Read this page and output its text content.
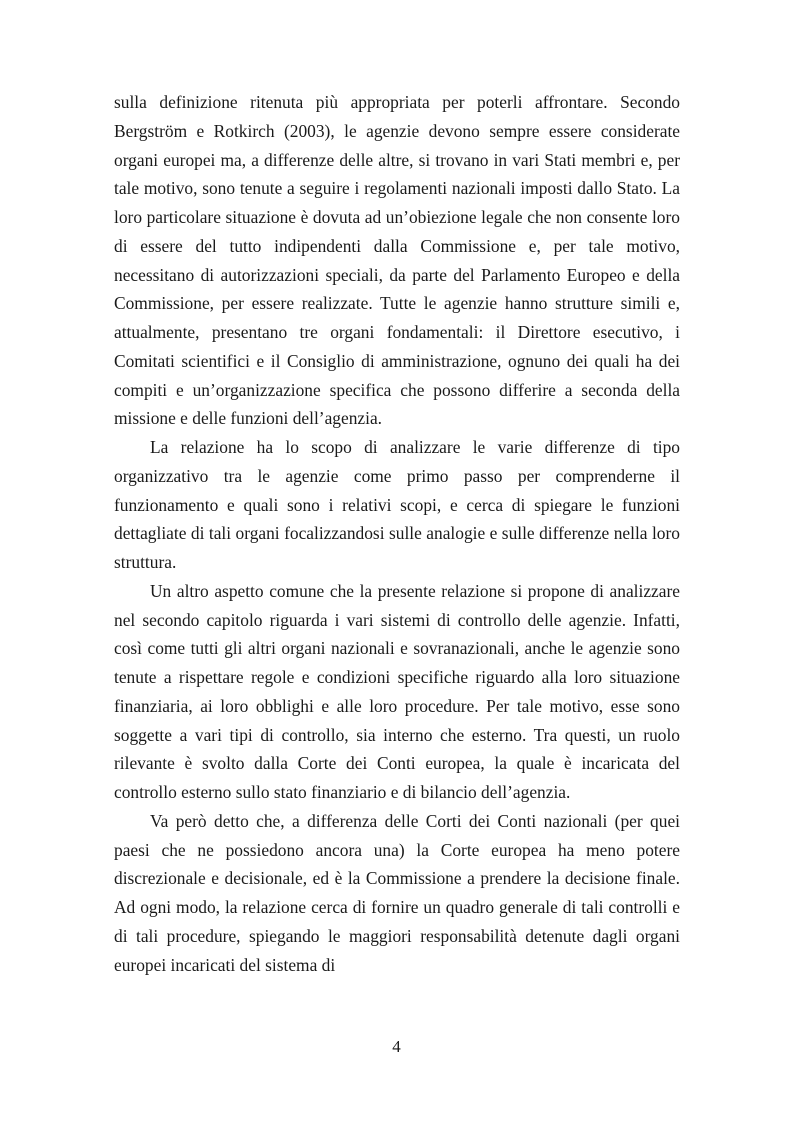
sulla definizione ritenuta più appropriata per poterli affrontare. Secondo Bergström e Rotkirch (2003), le agenzie devono sempre essere considerate organi europei ma, a differenze delle altre, si trovano in vari Stati membri e, per tale motivo, sono tenute a seguire i regolamenti nazionali imposti dallo Stato. La loro particolare situazione è dovuta ad un’obiezione legale che non consente loro di essere del tutto indipendenti dalla Commissione e, per tale motivo, necessitano di autorizzazioni speciali, da parte del Parlamento Europeo e della Commissione, per essere realizzate. Tutte le agenzie hanno strutture simili e, attualmente, presentano tre organi fondamentali: il Direttore esecutivo, i Comitati scientifici e il Consiglio di amministrazione, ognuno dei quali ha dei compiti e un’organizzazione specifica che possono differire a seconda della missione e delle funzioni dell’agenzia.

La relazione ha lo scopo di analizzare le varie differenze di tipo organizzativo tra le agenzie come primo passo per comprenderne il funzionamento e quali sono i relativi scopi, e cerca di spiegare le funzioni dettagliate di tali organi focalizzandosi sulle analogie e sulle differenze nella loro struttura.

Un altro aspetto comune che la presente relazione si propone di analizzare nel secondo capitolo riguarda i vari sistemi di controllo delle agenzie. Infatti, così come tutti gli altri organi nazionali e sovranazionali, anche le agenzie sono tenute a rispettare regole e condizioni specifiche riguardo alla loro situazione finanziaria, ai loro obblighi e alle loro procedure. Per tale motivo, esse sono soggette a vari tipi di controllo, sia interno che esterno. Tra questi, un ruolo rilevante è svolto dalla Corte dei Conti europea, la quale è incaricata del controllo esterno sullo stato finanziario e di bilancio dell’agenzia.

Va però detto che, a differenza delle Corti dei Conti nazionali (per quei paesi che ne possiedono ancora una) la Corte europea ha meno potere discrezionale e decisionale, ed è la Commissione a prendere la decisione finale. Ad ogni modo, la relazione cerca di fornire un quadro generale di tali controlli e di tali procedure, spiegando le maggiori responsabilità detenute dagli organi europei incaricati del sistema di

4
